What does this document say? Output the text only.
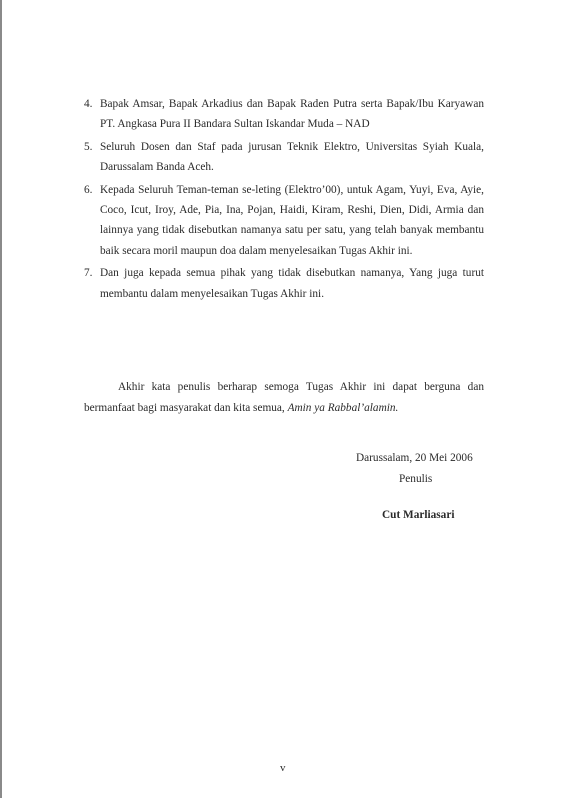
4. Bapak Amsar, Bapak Arkadius dan Bapak Raden Putra serta Bapak/Ibu Karyawan PT. Angkasa Pura II Bandara Sultan Iskandar Muda – NAD
5. Seluruh Dosen dan Staf pada jurusan Teknik Elektro, Universitas Syiah Kuala, Darussalam Banda Aceh.
6. Kepada Seluruh Teman-teman se-leting (Elektro’00), untuk Agam, Yuyi, Eva, Ayie, Coco, Icut, Iroy, Ade, Pia, Ina, Pojan, Haidi, Kiram, Reshi, Dien, Didi, Armia dan lainnya yang tidak disebutkan namanya satu per satu, yang telah banyak membantu baik secara moril maupun doa dalam menyelesaikan Tugas Akhir ini.
7. Dan juga kepada semua pihak yang tidak disebutkan namanya, Yang juga turut membantu dalam menyelesaikan Tugas Akhir ini.

Akhir kata penulis berharap semoga Tugas Akhir ini dapat berguna dan bermanfaat bagi masyarakat dan kita semua, Amin ya Rabbal’alamin.

Darussalam, 20 Mei 2006
Penulis
Cut Marliasari
v
